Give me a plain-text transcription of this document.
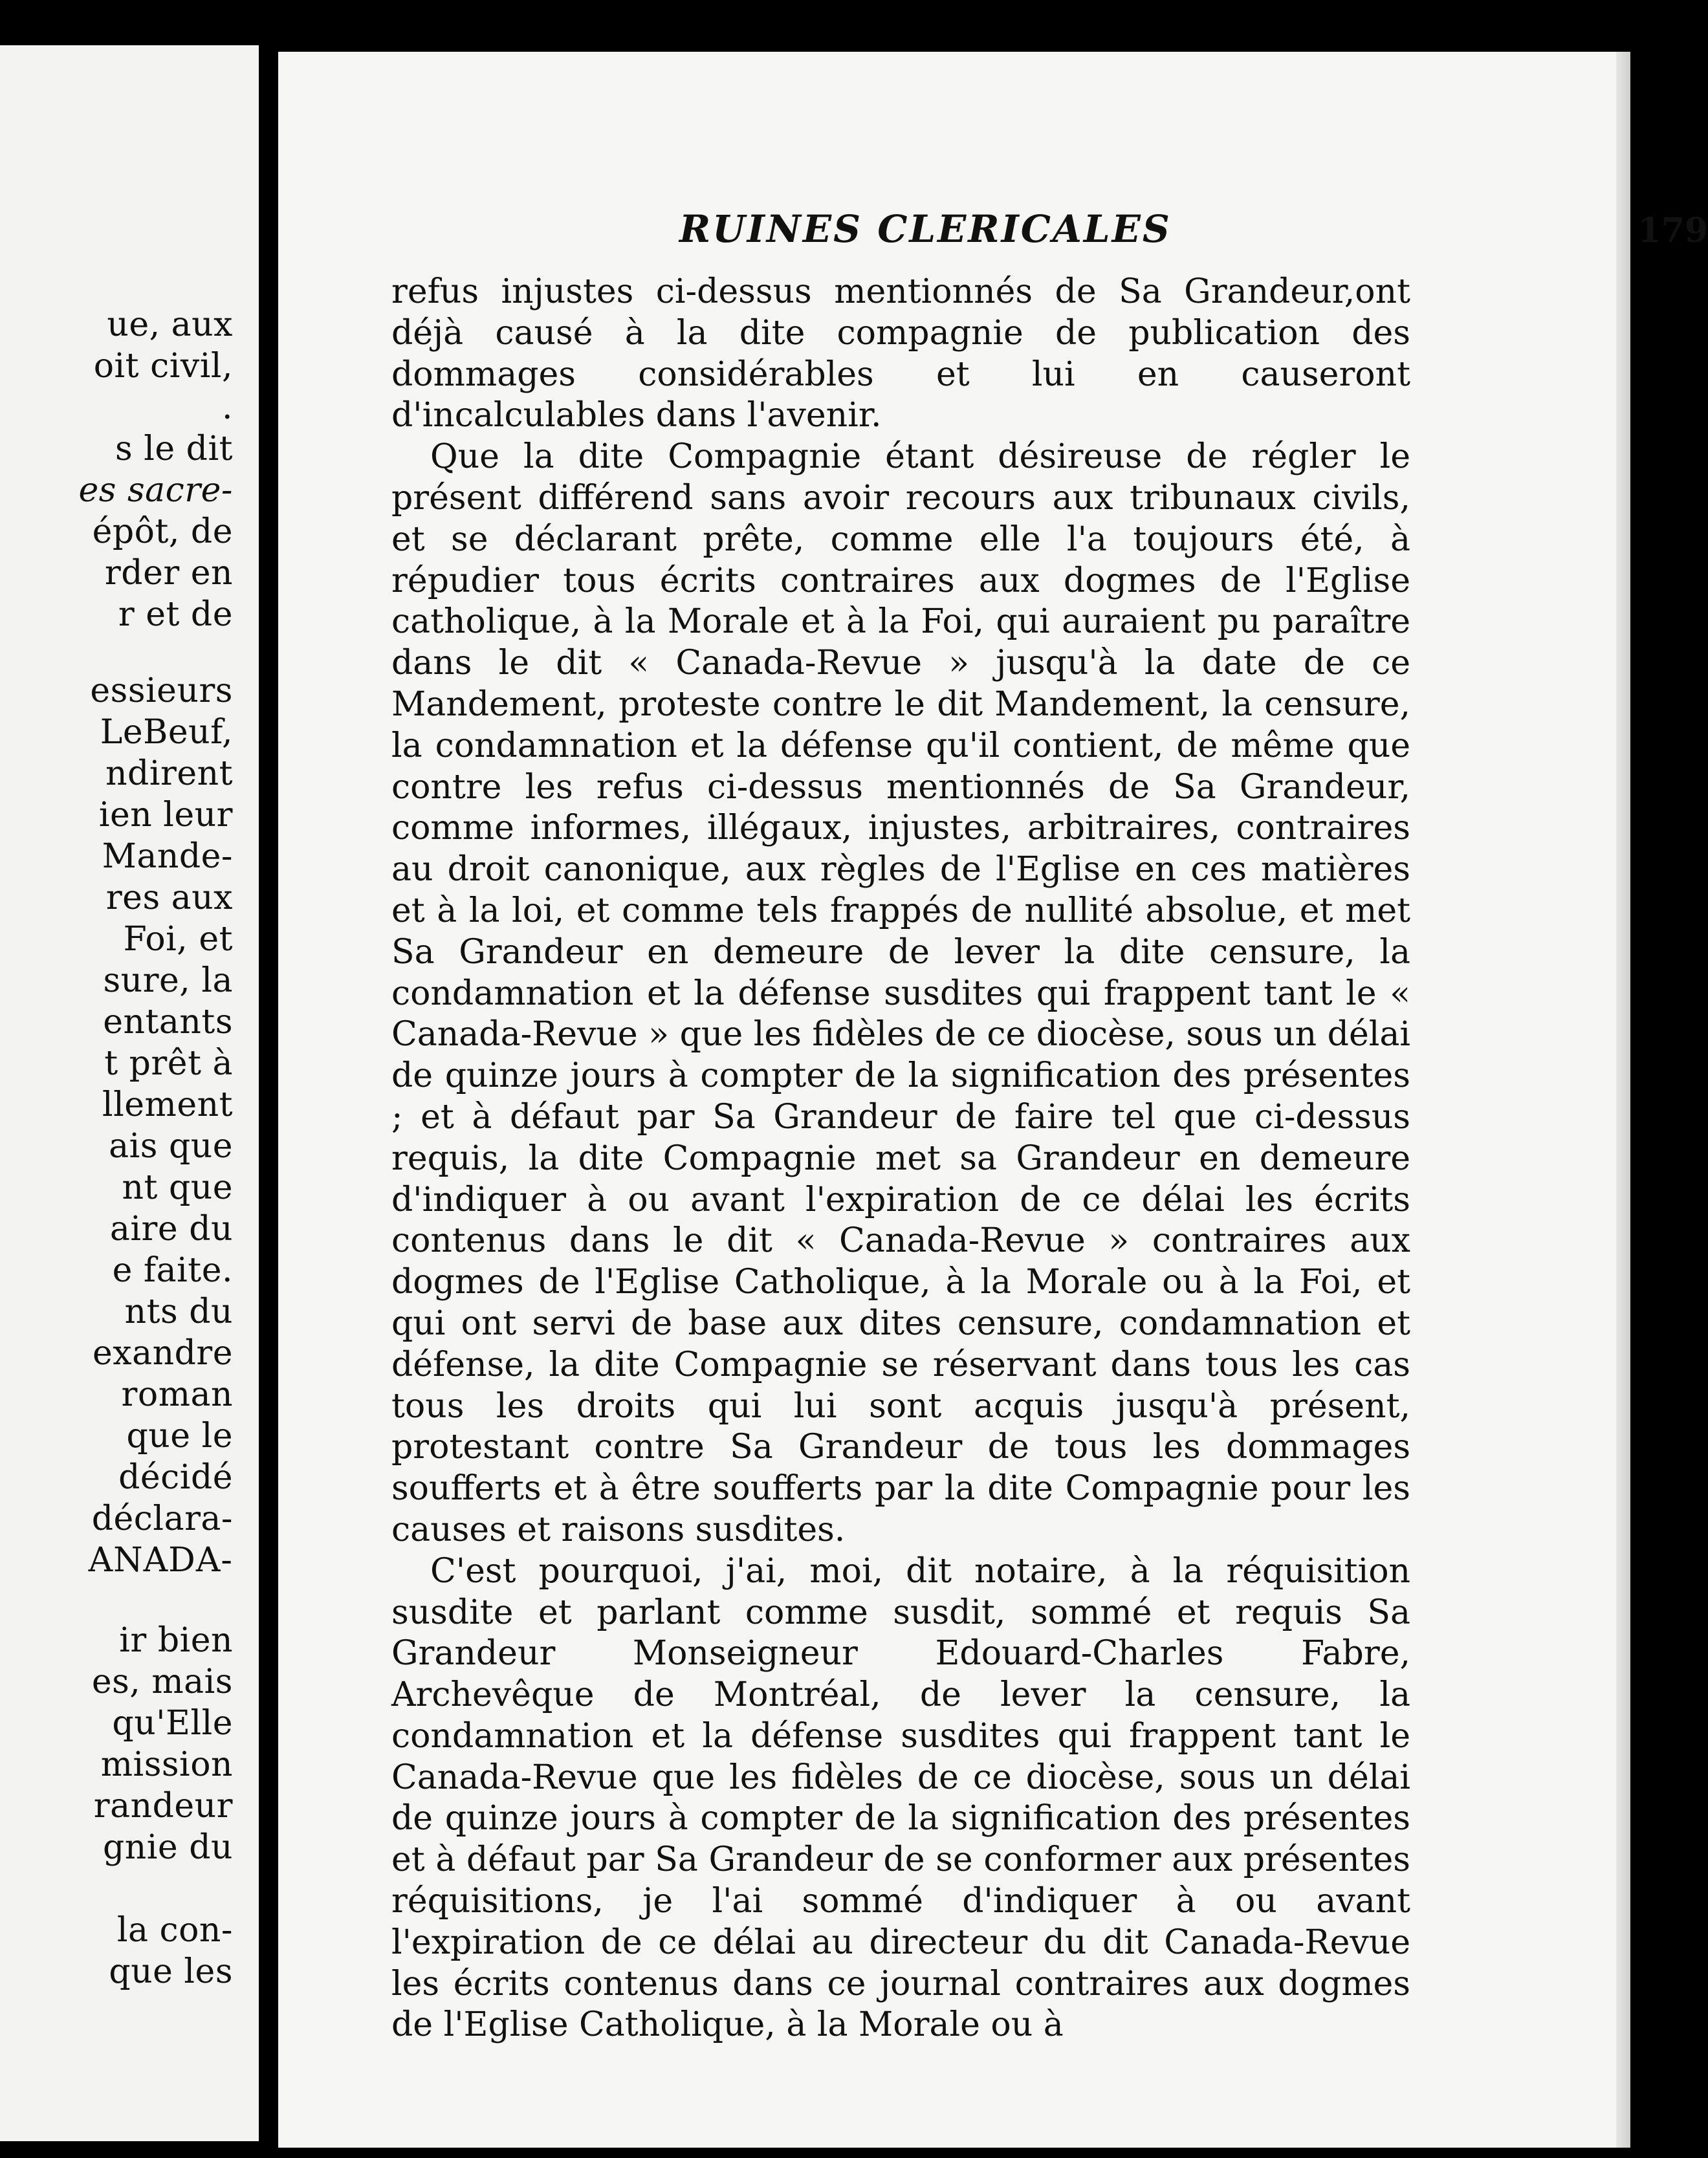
ue, aux
oit civil,
.
s le dit
es sacre-
épôt, de
rder en
r et de
essieurs
LeBeuf,
ndirent
ien leur
Mande-
res aux
Foi, et
sure, la
entants
t prêt à
llement
ais que
nt que
aire du
e faite.
nts du
exandre
roman
que le
décidé
déclara-
ANADA-
ir bien
es, mais
qu'Elle
mission
randeur
gnie du
la con-
que les
RUINES CLERICALES	179

refus injustes ci-dessus mentionnés de Sa Grandeur,ont déjà causé à la dite compagnie de publication des dommages considérables et lui en causeront d'incalculables dans l'avenir.

Que la dite Compagnie étant désireuse de régler le présent différend sans avoir recours aux tribunaux civils, et se déclarant prête, comme elle l'a toujours été, à répudier tous écrits contraires aux dogmes de l'Eglise catholique, à la Morale et à la Foi, qui auraient pu paraître dans le dit « Canada-Revue » jusqu'à la date de ce Mandement, proteste contre le dit Mandement, la censure, la condamnation et la défense qu'il contient, de même que contre les refus ci-dessus mentionnés de Sa Grandeur, comme informes, illégaux, injustes, arbitraires, contraires au droit canonique, aux règles de l'Eglise en ces matières et à la loi, et comme tels frappés de nullité absolue, et met Sa Grandeur en demeure de lever la dite censure, la condamnation et la défense susdites qui frappent tant le « Canada-Revue » que les fidèles de ce diocèse, sous un délai de quinze jours à compter de la signification des présentes ; et à défaut par Sa Grandeur de faire tel que ci-dessus requis, la dite Compagnie met sa Grandeur en demeure d'indiquer à ou avant l'expiration de ce délai les écrits contenus dans le dit « Canada-Revue » contraires aux dogmes de l'Eglise Catholique, à la Morale ou à la Foi, et qui ont servi de base aux dites censure, condamnation et défense, la dite Compagnie se réservant dans tous les cas tous les droits qui lui sont acquis jusqu'à présent, protestant contre Sa Grandeur de tous les dommages soufferts et à être soufferts par la dite Compagnie pour les causes et raisons susdites.

C'est pourquoi, j'ai, moi, dit notaire, à la réquisition susdite et parlant comme susdit, sommé et requis Sa Grandeur Monseigneur Edouard-Charles Fabre, Archevêque de Montréal, de lever la censure, la condamnation et la défense susdites qui frappent tant le Canada-Revue que les fidèles de ce diocèse, sous un délai de quinze jours à compter de la signification des présentes et à défaut par Sa Grandeur de se conformer aux présentes réquisitions, je l'ai sommé d'indiquer à ou avant l'expiration de ce délai au directeur du dit Canada-Revue les écrits contenus dans ce journal contraires aux dogmes de l'Eglise Catholique, à la Morale ou à
